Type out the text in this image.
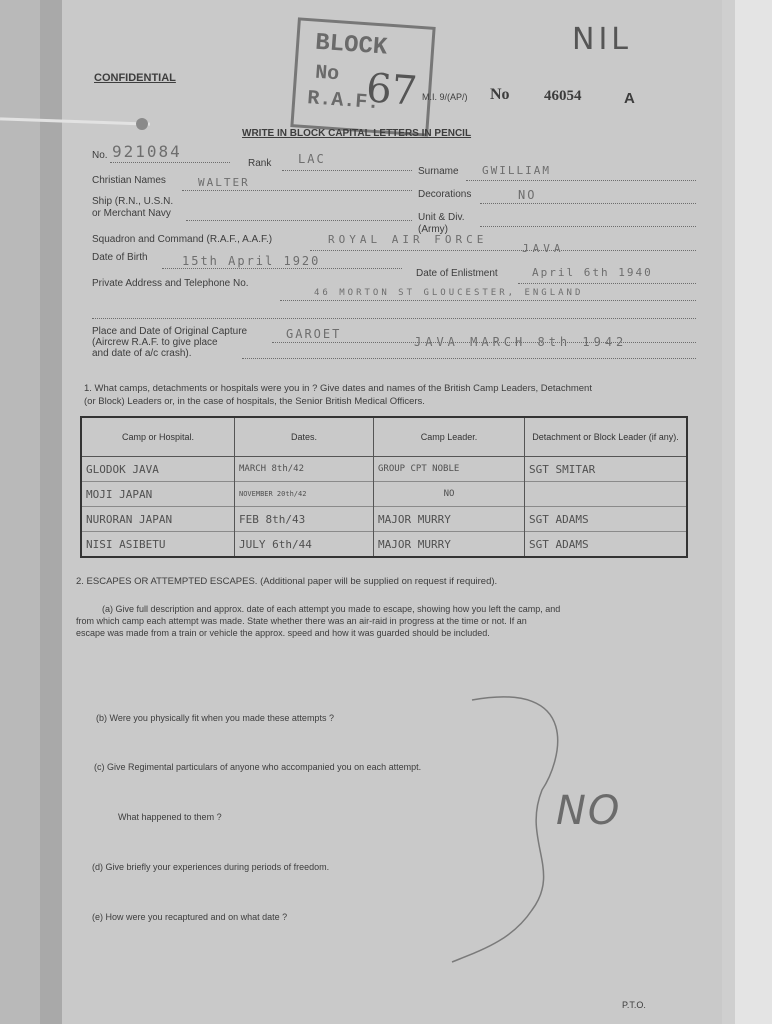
NIL
BLOCK
No
R.A.F.
67
CONFIDENTIAL
M.I. 9/(AP/) No 46054	A
WRITE IN BLOCK CAPITAL LETTERS IN PENCIL
No. 921084
Rank LAC
Surname GWILLIAM
Christian Names	WALTER
Decorations	NO
Ship (R.N., U.S.N.
or Merchant Navy	Unit & Div.
(Army)
Squadron and Command (R.A.F., A.A.F.)	ROYAL AIR FORCE
JAVA
Date of Birth	15th April 1920
Date of Enlistment	April 6th 1940
Private Address and Telephone No.
46 MORTON ST GLOUCESTER, ENGLAND
Place and Date of Original Capture
(Aircrew R.A.F. to give place
and date of a/c crash).
GAROET
JAVA MARCH 8th 1942
1. What camps, detachments or hospitals were you in ? Give dates and names of the British Camp Leaders, Detachment
(or Block) Leaders or, in the case of hospitals, the Senior British Medical Officers.
Camp or Hospital.	Dates.	Camp Leader.	Detachment or Block Leader (if any).
GLODOK JAVA	MARCH 8th/42	GROUP CPT NOBLE	SGT SMITAR
MOJI JAPAN	NOVEMBER 20th/42	NO	
NURORAN JAPAN	FEB 8th/43	MAJOR MURRY	SGT ADAMS
NISI ASIBETU	JULY 6th/44	MAJOR MURRY	SGT ADAMS
2. ESCAPES OR ATTEMPTED ESCAPES. (Additional paper will be supplied on request if required).
(a) Give full description and approx. date of each attempt you made to escape, showing how you left the camp, and
from which camp each attempt was made. State whether there was an air-raid in progress at the time or not. If an
escape was made from a train or vehicle the approx. speed and how it was guarded should be included.
(b) Were you physically fit when you made these attempts ?
(c) Give Regimental particulars of anyone who accompanied you on each attempt.
What happened to them ?
(d) Give briefly your experiences during periods of freedom.
(e) How were you recaptured and on what date ?
NO
P.T.O.
